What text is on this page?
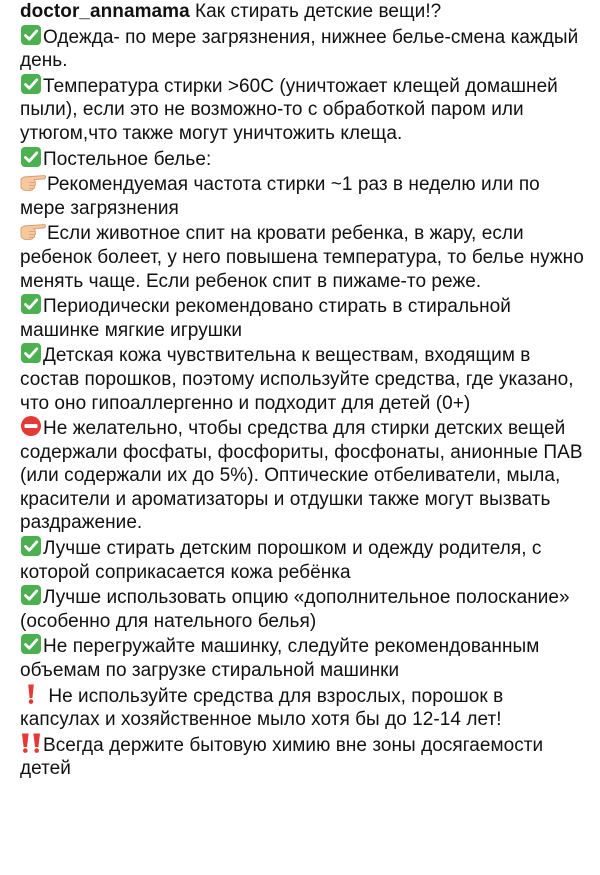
doctor_annamama Как стирать детские вещи!?
Одежда- по мере загрязнения, нижнее белье-смена каждый день.
Температура стирки >60С (уничтожает клещей домашней пыли), если это не возможно-то с обработкой паром или утюгом,что также могут уничтожить клеща.
Постельное белье:
Рекомендуемая частота стирки ~1 раз в неделю или по мере загрязнения
Если животное спит на кровати ребенка, в жару, если ребенок болеет, у него повышена температура, то белье нужно менять чаще. Если ребенок спит в пижаме-то реже.
Периодически рекомендовано стирать в стиральной машинке мягкие игрушки
Детская кожа чувствительна к веществам, входящим в состав порошков, поэтому используйте средства, где указано, что оно гипоаллергенно и подходит для детей (0+)
Не желательно, чтобы средства для стирки детских вещей содержали фосфаты, фосфориты, фосфонаты, анионные ПАВ (или содержали их до 5%). Оптические отбеливатели, мыла, красители и ароматизаторы и отдушки также могут вызвать раздражение.
Лучше стирать детским порошком и одежду родителя, с которой соприкасается кожа ребёнка
Лучше использовать опцию «дополнительное полоскание» (особенно для нательного белья)
Не перегружайте машинку, следуйте рекомендованным объемам по загрузке стиральной машинки
Не используйте средства для взрослых, порошок в капсулах и хозяйственное мыло хотя бы до 12-14 лет!
Всегда держите бытовую химию вне зоны досягаемости детей
